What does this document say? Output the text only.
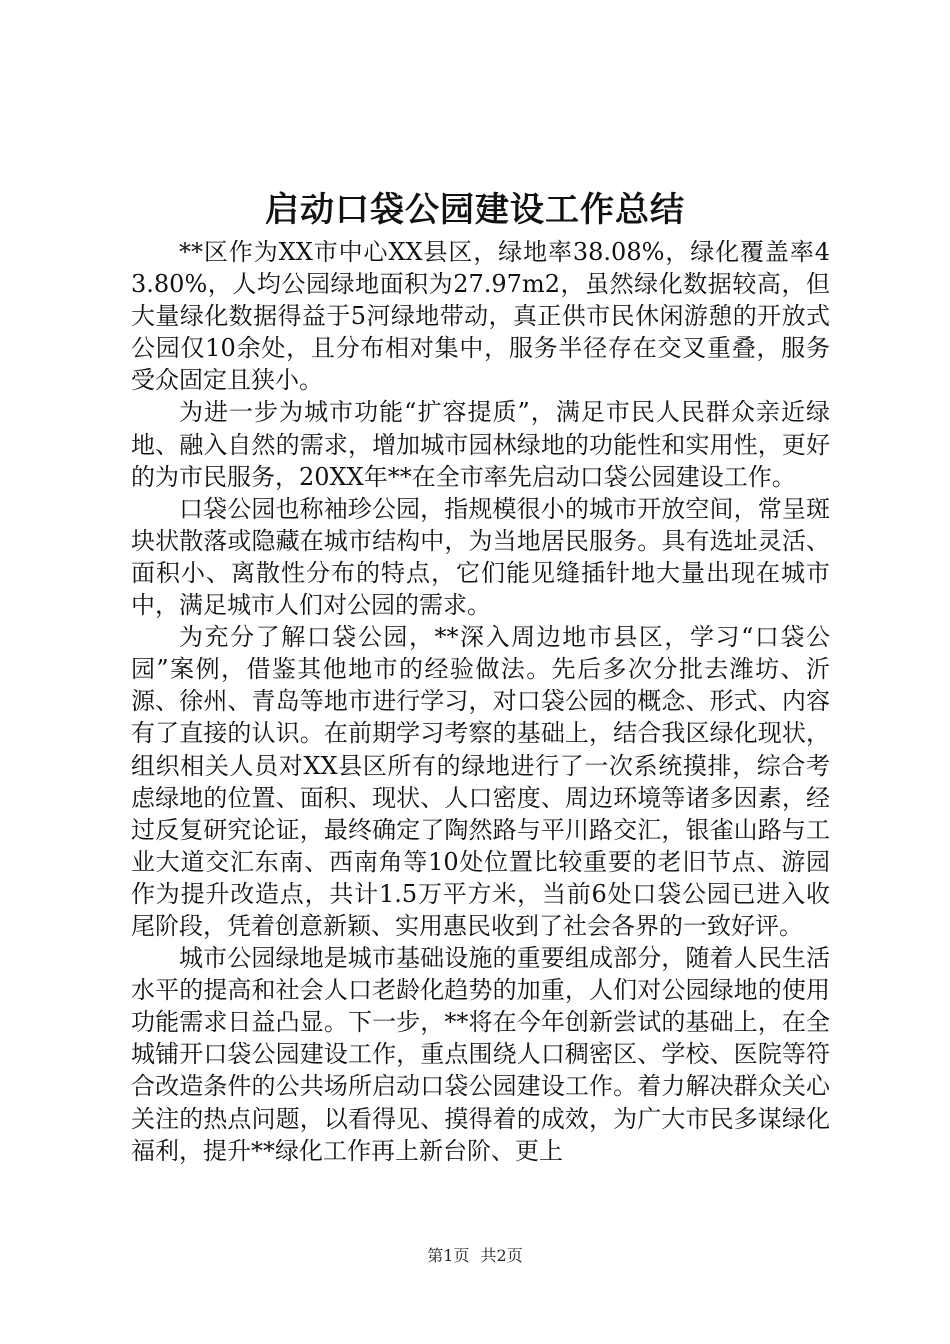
启动口袋公园建设工作总结

**区作为XX市中心XX县区，绿地率38.08%，绿化覆盖率43.80%，人均公园绿地面积为27.97m2，虽然绿化数据较高，但大量绿化数据得益于5河绿地带动，真正供市民休闲游憩的开放式公园仅10余处，且分布相对集中，服务半径存在交叉重叠，服务受众固定且狭小。

为进一步为城市功能“扩容提质”，满足市民人民群众亲近绿地、融入自然的需求，增加城市园林绿地的功能性和实用性，更好的为市民服务，20XX年**在全市率先启动口袋公园建设工作。

口袋公园也称袖珍公园，指规模很小的城市开放空间，常呈斑块状散落或隐藏在城市结构中，为当地居民服务。具有选址灵活、面积小、离散性分布的特点，它们能见缝插针地大量出现在城市中，满足城市人们对公园的需求。

为充分了解口袋公园，**深入周边地市县区，学习“口袋公园”案例，借鉴其他地市的经验做法。先后多次分批去潍坊、沂源、徐州、青岛等地市进行学习，对口袋公园的概念、形式、内容有了直接的认识。在前期学习考察的基础上，结合我区绿化现状，组织相关人员对XX县区所有的绿地进行了一次系统摸排，综合考虑绿地的位置、面积、现状、人口密度、周边环境等诸多因素，经过反复研究论证，最终确定了陶然路与平川路交汇，银雀山路与工业大道交汇东南、西南角等10处位置比较重要的老旧节点、游园作为提升改造点，共计1.5万平方米，当前6处口袋公园已进入收尾阶段，凭着创意新颖、实用惠民收到了社会各界的一致好评。

城市公园绿地是城市基础设施的重要组成部分，随着人民生活水平的提高和社会人口老龄化趋势的加重，人们对公园绿地的使用功能需求日益凸显。下一步，**将在今年创新尝试的基础上，在全城铺开口袋公园建设工作，重点围绕人口稠密区、学校、医院等符合改造条件的公共场所启动口袋公园建设工作。着力解决群众关心关注的热点问题，以看得见、摸得着的成效，为广大市民多谋绿化福利，提升**绿化工作再上新台阶、更上

第1页 共2页
